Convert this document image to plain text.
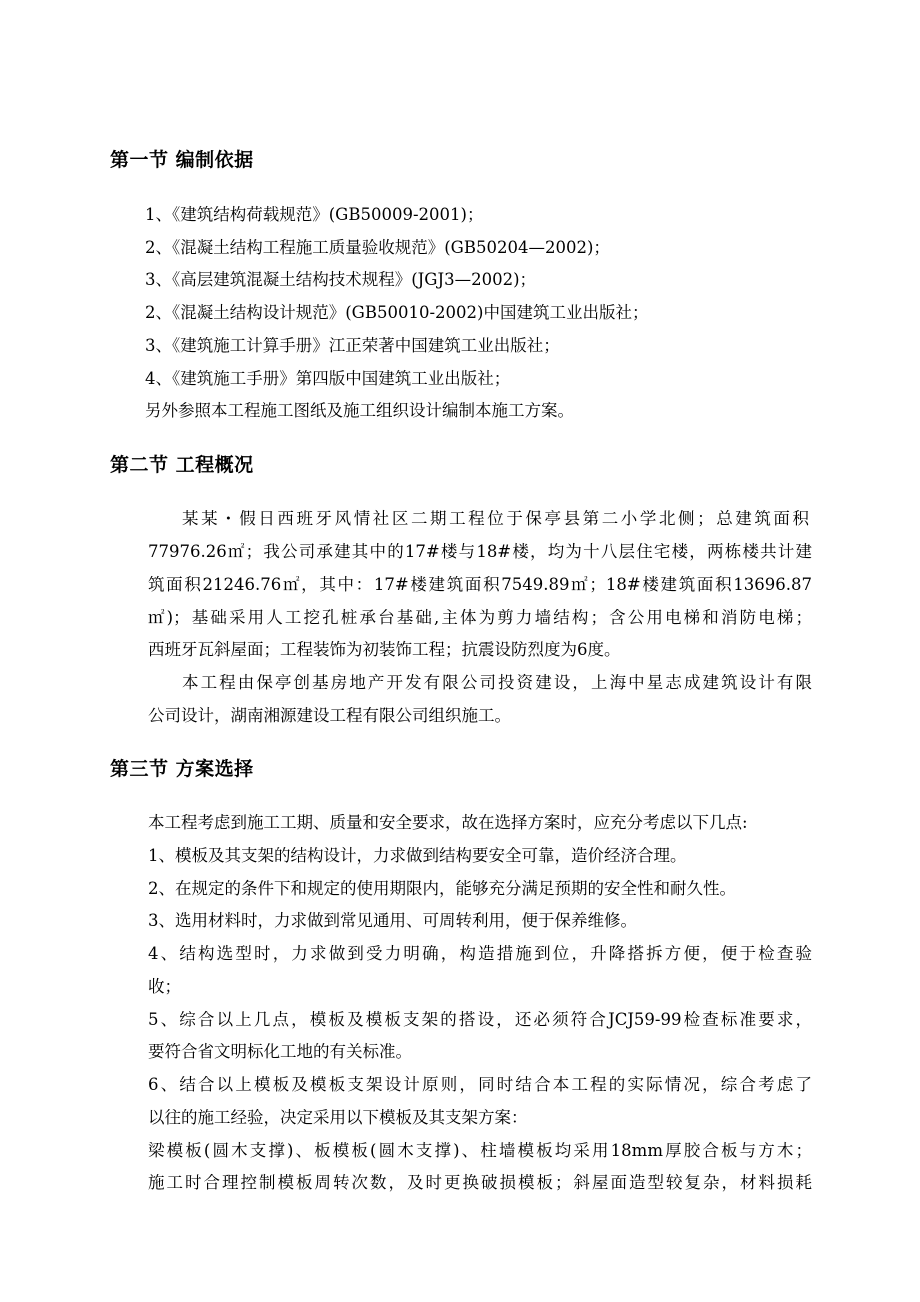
第一节 编制依据
1、《建筑结构荷载规范》(GB50009-2001)；
2、《混凝土结构工程施工质量验收规范》(GB50204—2002)；
3、《高层建筑混凝土结构技术规程》(JGJ3—2002)；
2、《混凝土结构设计规范》(GB50010-2002)中国建筑工业出版社；
3、《建筑施工计算手册》江正荣著中国建筑工业出版社；
4、《建筑施工手册》第四版中国建筑工业出版社；
另外参照本工程施工图纸及施工组织设计编制本施工方案。
第二节 工程概况
某某・假日西班牙风情社区二期工程位于保亭县第二小学北侧；总建筑面积
77976.26㎡；我公司承建其中的17#楼与18#楼，均为十八层住宅楼，两栋楼共计建
筑面积21246.76㎡，其中：17#楼建筑面积7549.89㎡；18#楼建筑面积13696.87
㎡)；基础采用人工挖孔桩承台基础,主体为剪力墙结构；含公用电梯和消防电梯；
西班牙瓦斜屋面；工程装饰为初装饰工程；抗震设防烈度为6度。
本工程由保亭创基房地产开发有限公司投资建设，上海中星志成建筑设计有限
公司设计，湖南湘源建设工程有限公司组织施工。
第三节 方案选择
本工程考虑到施工工期、质量和安全要求，故在选择方案时，应充分考虑以下几点:
1、模板及其支架的结构设计，力求做到结构要安全可靠，造价经济合理。
2、在规定的条件下和规定的使用期限内，能够充分满足预期的安全性和耐久性。
3、选用材料时，力求做到常见通用、可周转利用，便于保养维修。
4、结构选型时，力求做到受力明确，构造措施到位，升降搭拆方便，便于检查验
收；
5、综合以上几点，模板及模板支架的搭设，还必须符合JCJ59-99检查标准要求，
要符合省文明标化工地的有关标准。
6、结合以上模板及模板支架设计原则，同时结合本工程的实际情况，综合考虑了
以往的施工经验，决定采用以下模板及其支架方案：
梁模板(圆木支撑)、板模板(圆木支撑)、柱墙模板均采用18mm厚胶合板与方木；
施工时合理控制模板周转次数，及时更换破损模板；斜屋面造型较复杂，材料损耗
